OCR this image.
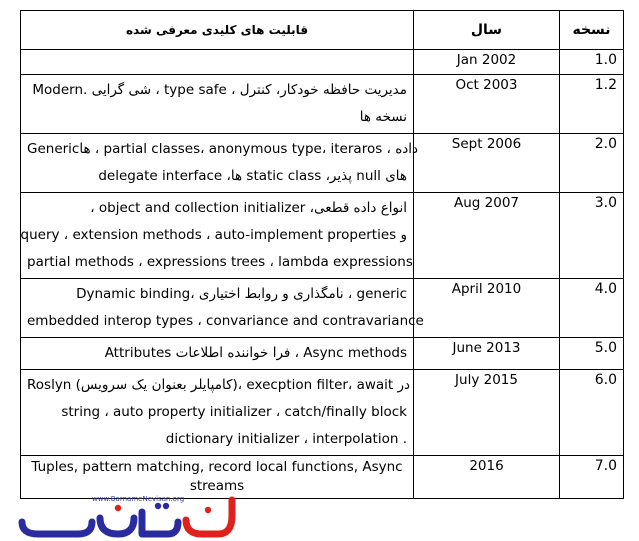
نسخه	سال	قابلیت های کلیدی معرفی شده
1.0	Jan 2002	
1.2	Oct 2003	Modern. شی گرایی ، type safe ، مدیریت حافظه خودکار، کنترل
نسخه ها

2.0	Sept 2006	Genericها ، partial classes، anonymous type، iteraros ، داده
های null پذیر، static class ها، delegate interface

3.0	Aug 2007	انواع داده قطعی، object and collection initializer ،
و query ، extension methods ، auto-implement properties
partial methods ، expressions trees ، lambda expressions

4.0	April 2010	Dynamic binding، نامگذاری و روابط اختیاری ، generic
embedded interop types ، convariance and contravariance

5.0	June 2013	Attributes فرا خواننده اطلاعات ، Async methods

6.0	July 2015	Roslyn (کامپایلر بعنوان یک سرویس)، execption filter، await در
string ، auto property initializer ، catch/finally block
dictionary initializer ، interpolation .

7.0	2016	Tuples, pattern matching, record local functions, Async streams
www.BarnameNevisan.org
